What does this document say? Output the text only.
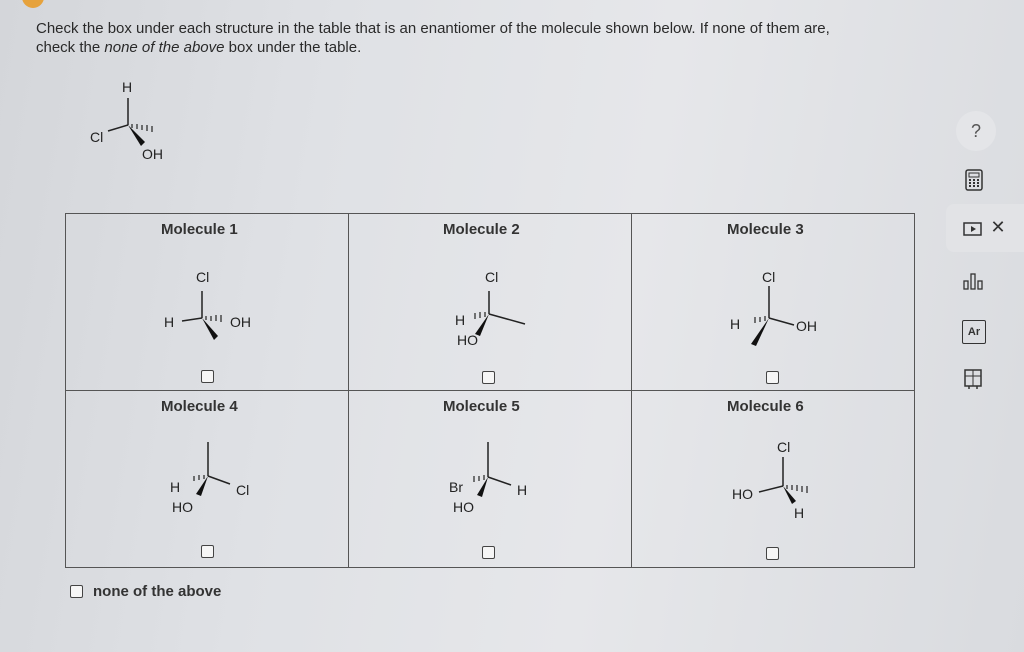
Check the box under each structure in the table that is an enantiomer of the molecule shown below. If none of them are,
check the none of the above box under the table.
H
Cl
OH
Molecule 1
Cl
H OH	Molecule 2
Cl
H
HO	Molecule 3
Cl
H OH

Molecule 4
H
HO
Cl	Molecule 5
Br
HO
H	Molecule 6
Cl
HO
H
none of the above
?
✕
Ar
